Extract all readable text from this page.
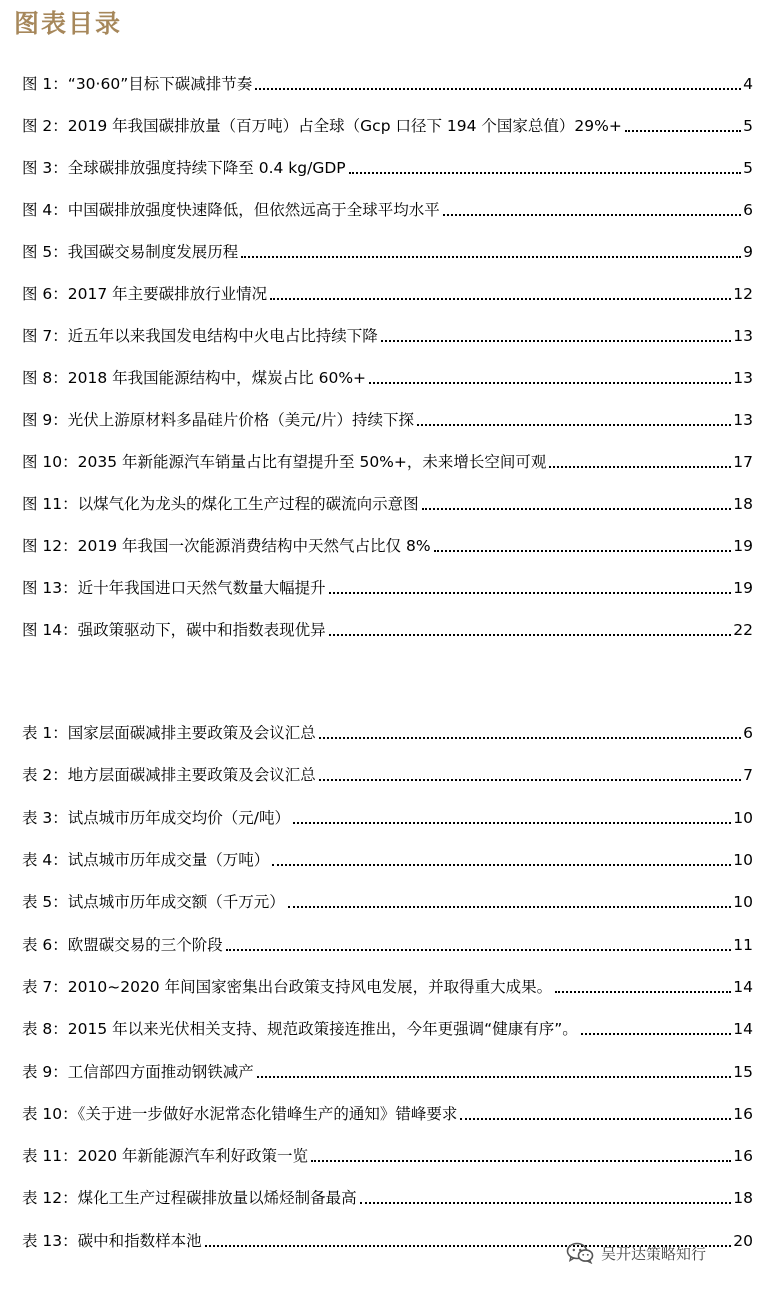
图表目录
图 1：“30·60”目标下碳减排节奏	4
图 2：2019 年我国碳排放量（百万吨）占全球（Gcp 口径下 194 个国家总值）29%+	5
图 3：全球碳排放强度持续下降至 0.4 kg/GDP	5
图 4：中国碳排放强度快速降低，但依然远高于全球平均水平	6
图 5：我国碳交易制度发展历程	9
图 6：2017 年主要碳排放行业情况	12
图 7：近五年以来我国发电结构中火电占比持续下降	13
图 8：2018 年我国能源结构中，煤炭占比 60%+	13
图 9：光伏上游原材料多晶硅片价格（美元/片）持续下探	13
图 10：2035 年新能源汽车销量占比有望提升至 50%+，未来增长空间可观	17
图 11：以煤气化为龙头的煤化工生产过程的碳流向示意图	18
图 12：2019 年我国一次能源消费结构中天然气占比仅 8%	19
图 13：近十年我国进口天然气数量大幅提升	19
图 14：强政策驱动下，碳中和指数表现优异	22
表 1：国家层面碳减排主要政策及会议汇总	6
表 2：地方层面碳减排主要政策及会议汇总	7
表 3：试点城市历年成交均价（元/吨）	10
表 4：试点城市历年成交量（万吨）	10
表 5：试点城市历年成交额（千万元）	10
表 6：欧盟碳交易的三个阶段	11
表 7：2010~2020 年间国家密集出台政策支持风电发展，并取得重大成果。	14
表 8：2015 年以来光伏相关支持、规范政策接连推出，今年更强调“健康有序”。	14
表 9：工信部四方面推动钢铁减产	15
表 10：《关于进一步做好水泥常态化错峰生产的通知》错峰要求	16
表 11：2020 年新能源汽车利好政策一览	16
表 12：煤化工生产过程碳排放量以烯烃制备最高	18
表 13：碳中和指数样本池	20
吴开达策略知行
